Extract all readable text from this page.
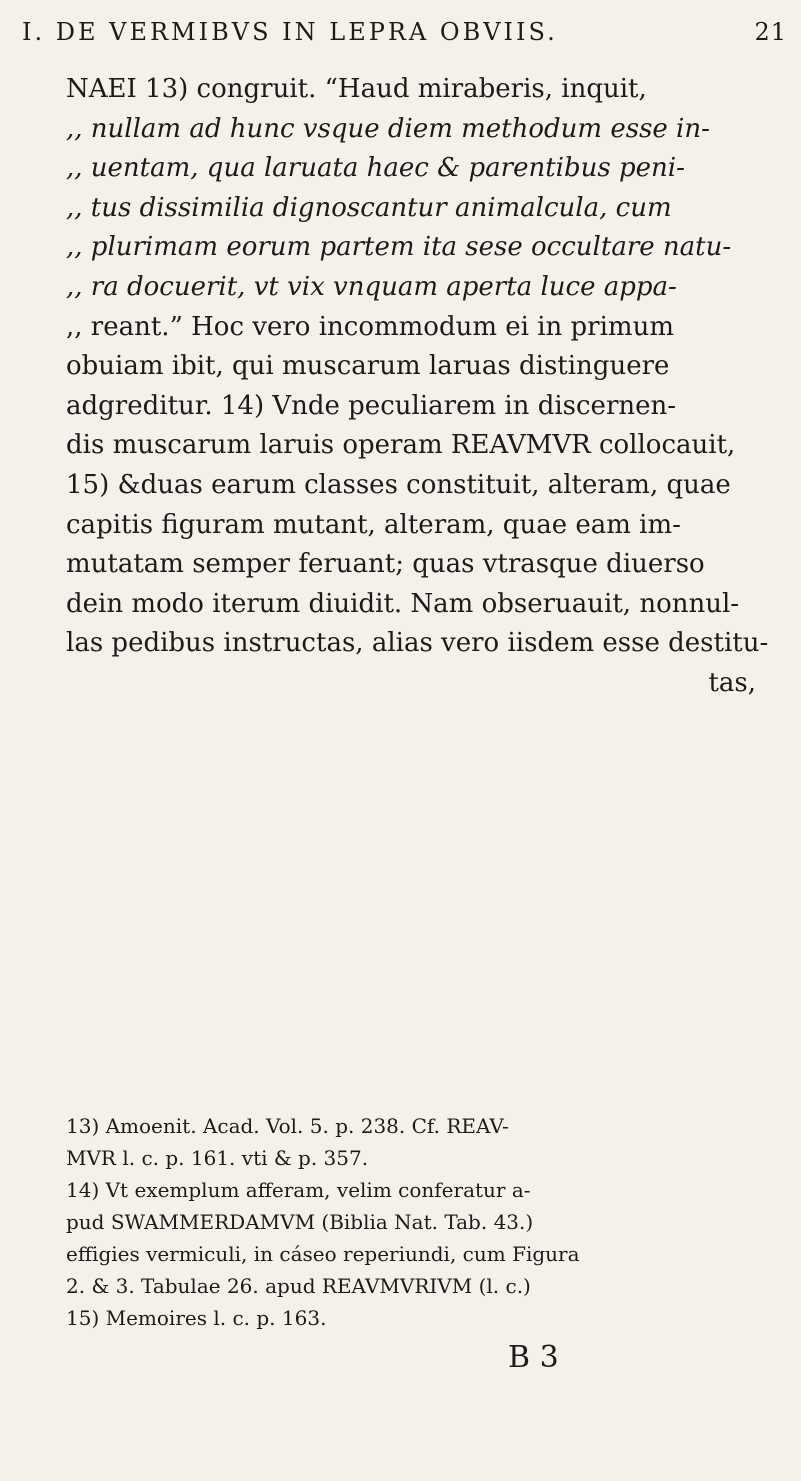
I. DE VERMIBVS IN LEPRA OBVIIS.	21
NAEI 13) congruit. “Haud miraberis, inquit,
,, nullam ad hunc vsque diem methodum esse in-
,, uentam, qua laruata haec & parentibus peni-
,, tus dissimilia dignoscantur animalcula, cum
,, plurimam eorum partem ita sese occultare natu-
,, ra docuerit, vt vix vnquam aperta luce appa-
,, reant.” Hoc vero incommodum ei in primum
obuiam ibit, qui muscarum laruas distinguere
adgreditur. 14) Vnde peculiarem in discernen-
dis muscarum laruis operam REAVMVR collocauit,
15) &duas earum classes constituit, alteram, quae
capitis figuram mutant, alteram, quae eam im-
mutatam semper feruant; quas vtrasque diuerso
dein modo iterum diuidit. Nam obseruauit, nonnul-
las pedibus instructas, alias vero iisdem esse destitu-
tas,
13) Amoenit. Acad. Vol. 5. p. 238. Cf. REAV-
MVR l. c. p. 161. vti & p. 357.
14) Vt exemplum afferam, velim conferatur a-
pud SWAMMERDAMVM (Biblia Nat. Tab. 43.)
effigies vermiculi, in cáseo reperiundi, cum Figura
2. & 3. Tabulae 26. apud REAVMVRIVM (l. c.)
15) Memoires l. c. p. 163.
B 3
